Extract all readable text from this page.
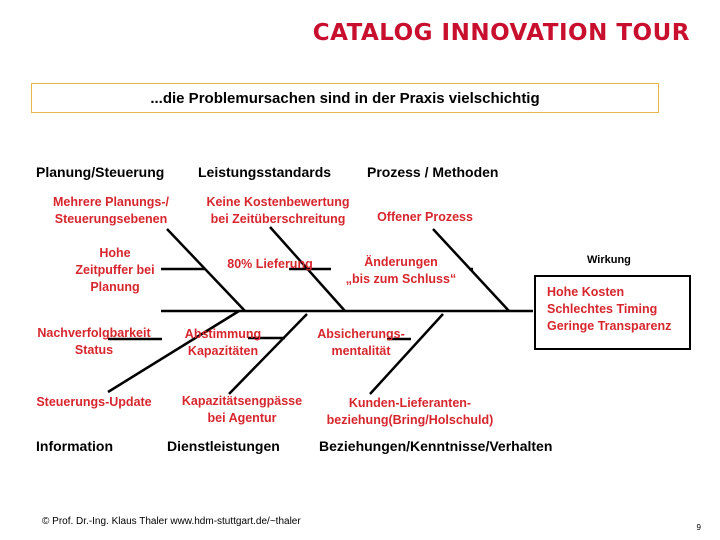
CATALOG INNOVATION TOUR
...die Problemursachen sind in der Praxis vielschichtig
Planung/Steuerung Leistungsstandards	Prozess / Methoden
Information	Dienstleistungen	Beziehungen/Kenntnisse/Verhalten
Mehrere Planungs-/
Steuerungsebenen
Hohe
Zeitpuffer bei
Planung
Keine Kostenbewertung
bei Zeitüberschreitung
80% Lieferung
Offener Prozess
Änderungen
„bis zum Schluss“
Nachverfolgbarkeit
Status
Steuerungs-Update
Abstimmung
Kapazitäten
Kapazitätsengpässe
bei Agentur
Absicherungs-
mentalität
Kunden-Lieferanten-
beziehung(Bring/Holschuld)
Wirkung
Hohe Kosten
Schlechtes Timing
Geringe Transparenz
© Prof. Dr.-Ing. Klaus Thaler www.hdm-stuttgart.de/~thaler
9
